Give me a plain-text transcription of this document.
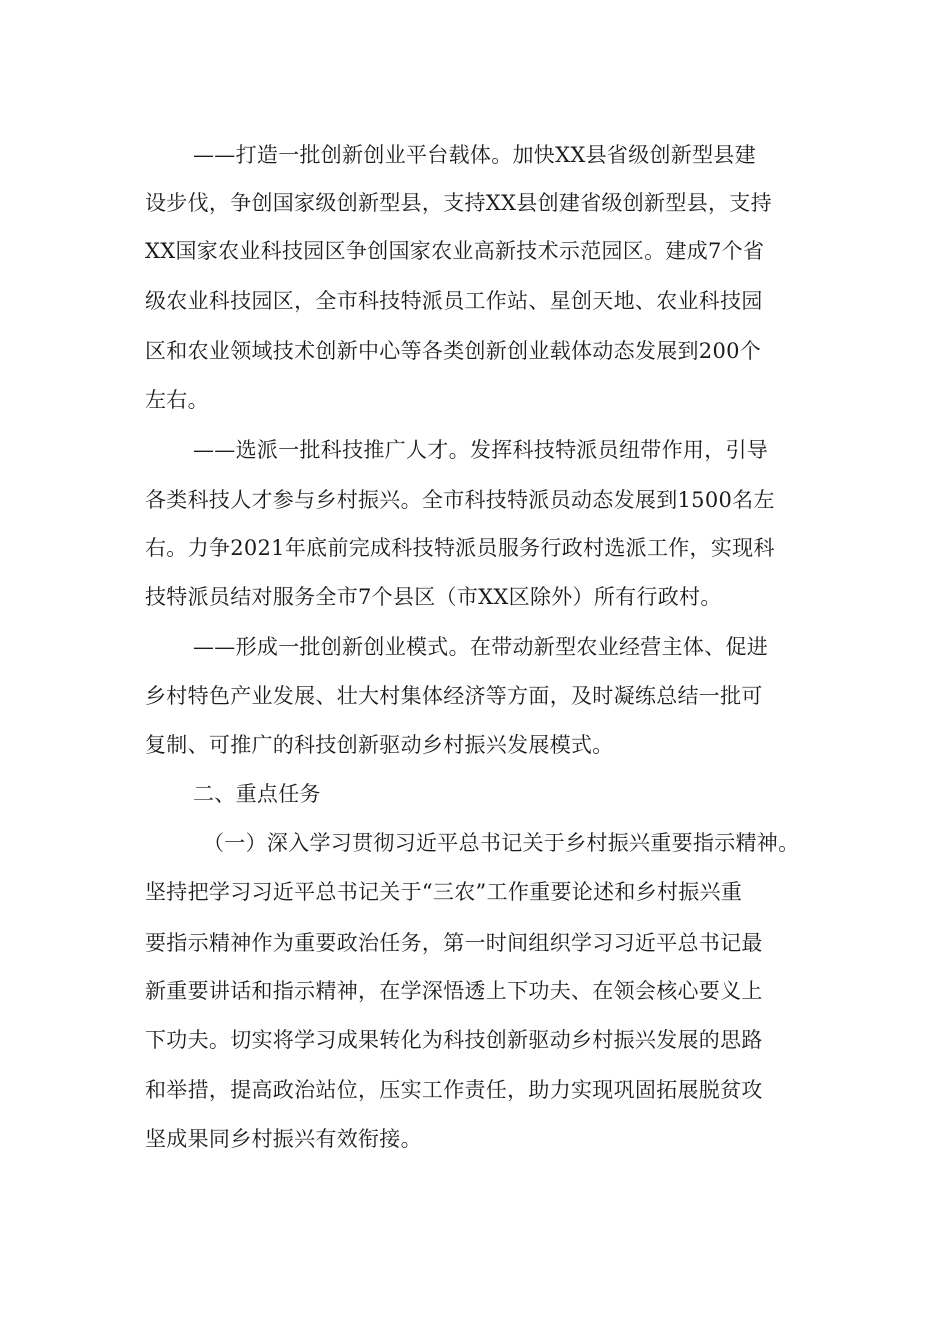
——打造一批创新创业平台载体。加快XX县省级创新型县建
设步伐，争创国家级创新型县，支持XX县创建省级创新型县，支持
XX国家农业科技园区争创国家农业高新技术示范园区。建成7个省
级农业科技园区，全市科技特派员工作站、星创天地、农业科技园
区和农业领域技术创新中心等各类创新创业载体动态发展到200个
左右。
——选派一批科技推广人才。发挥科技特派员纽带作用，引导
各类科技人才参与乡村振兴。全市科技特派员动态发展到1500名左
右。力争2021年底前完成科技特派员服务行政村选派工作，实现科
技特派员结对服务全市7个县区（市XX区除外）所有行政村。
——形成一批创新创业模式。在带动新型农业经营主体、促进
乡村特色产业发展、壮大村集体经济等方面，及时凝练总结一批可
复制、可推广的科技创新驱动乡村振兴发展模式。
二、重点任务
（一）深入学习贯彻习近平总书记关于乡村振兴重要指示精神。
坚持把学习习近平总书记关于“三农”工作重要论述和乡村振兴重
要指示精神作为重要政治任务，第一时间组织学习习近平总书记最
新重要讲话和指示精神，在学深悟透上下功夫、在领会核心要义上
下功夫。切实将学习成果转化为科技创新驱动乡村振兴发展的思路
和举措，提高政治站位，压实工作责任，助力实现巩固拓展脱贫攻
坚成果同乡村振兴有效衔接。
